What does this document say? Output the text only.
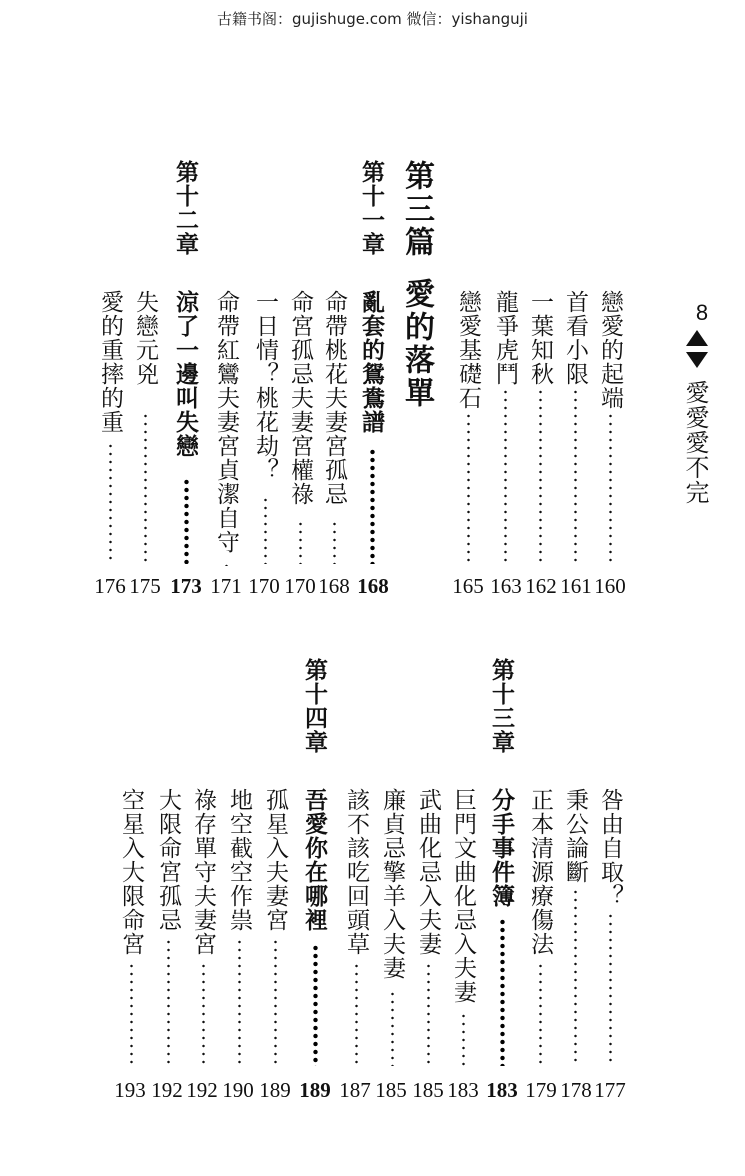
古籍书阁：gujishuge.com 微信：yishanguji
8
愛愛愛不完
第三篇
愛的落單
第十一章
亂套的鴛鴦譜
168
第十二章
涼了一邊叫失戀
173
戀愛的起端
160
首看小限
161
一葉知秋
162
龍爭虎鬥
163
戀愛基礎石
165
命帶桃花夫妻宮孤忌
168
命宮孤忌夫妻宮權祿
170
一日情？桃花劫？
170
命帶紅鸞夫妻宮貞潔自守
171
失戀元兇
175
愛的重摔的重
176
第十三章
分手事件簿
183
第十四章
吾愛你在哪裡
189
咎由自取？
177
秉公論斷
178
正本清源療傷法
179
巨門文曲化忌入夫妻
183
武曲化忌入夫妻
185
廉貞忌擎羊入夫妻
185
該不該吃回頭草
187
孤星入夫妻宮
189
地空截空作祟
190
祿存單守夫妻宮
192
大限命宮孤忌
192
空星入大限命宮
193
